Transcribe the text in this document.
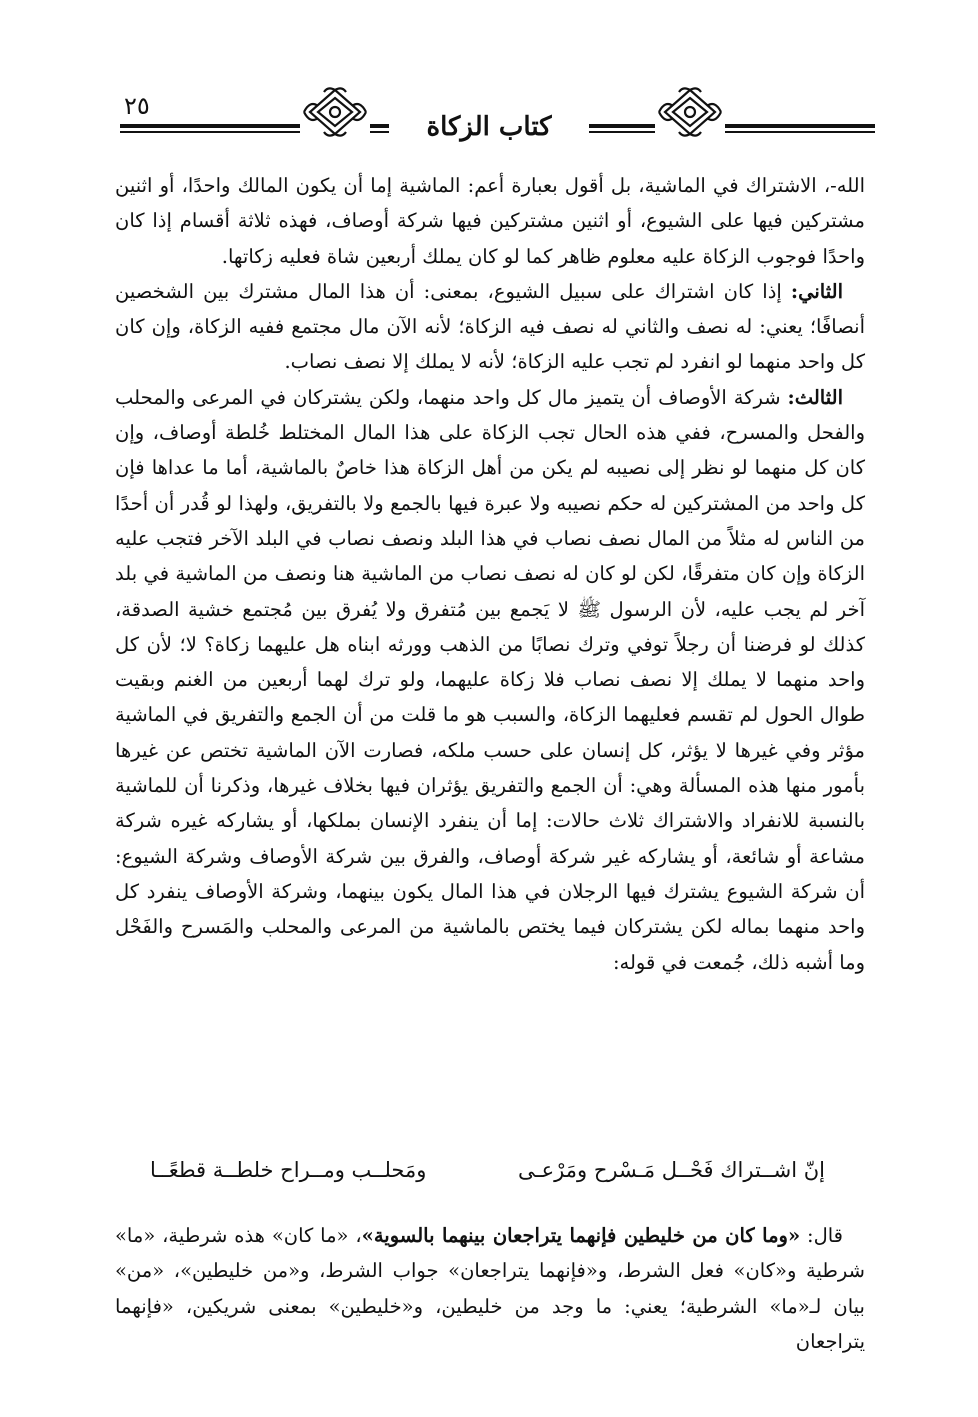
كتاب الزكاة
٢٥

الله-، الاشتراك في الماشية، بل أقول بعبارة أعم: الماشية إما أن يكون المالك واحدًا، أو اثنين مشتركين فيها على الشيوع، أو اثنين مشتركين فيها شركة أوصاف، فهذه ثلاثة أقسام إذا كان واحدًا فوجوب الزكاة عليه معلوم ظاهر كما لو كان يملك أربعين شاة فعليه زكاتها.

الثاني: إذا كان اشتراك على سبيل الشيوع، بمعنى: أن هذا المال مشترك بين الشخصين أنصافًا؛ يعني: له نصف والثاني له نصف فيه الزكاة؛ لأنه الآن مال مجتمع ففيه الزكاة، وإن كان كل واحد منهما لو انفرد لم تجب عليه الزكاة؛ لأنه لا يملك إلا نصف نصاب.

الثالث: شركة الأوصاف أن يتميز مال كل واحد منهما، ولكن يشتركان في المرعى والمحلب والفحل والمسرح، ففي هذه الحال تجب الزكاة على هذا المال المختلط خُلطة أوصاف، وإن كان كل منهما لو نظر إلى نصيبه لم يكن من أهل الزكاة هذا خاصٌ بالماشية، أما ما عداها فإن كل واحد من المشتركين له حكم نصيبه ولا عبرة فيها بالجمع ولا بالتفريق، ولهذا لو قُدر أن أحدًا من الناس له مثلاً من المال نصف نصاب في هذا البلد ونصف نصاب في البلد الآخر فتجب عليه الزكاة وإن كان متفرقًا، لكن لو كان له نصف نصاب من الماشية هنا ونصف من الماشية في بلد آخر لم يجب عليه، لأن الرسول ﷺ لا يَجمع بين مُتفرق ولا يُفرق بين مُجتمع خشية الصدقة، كذلك لو فرضنا أن رجلاً توفي وترك نصابًا من الذهب وورثه ابناه هل عليهما زكاة؟ لا؛ لأن كل واحد منهما لا يملك إلا نصف نصاب فلا زكاة عليهما، ولو ترك لهما أربعين من الغنم وبقيت طوال الحول لم تقسم فعليهما الزكاة، والسبب هو ما قلت من أن الجمع والتفريق في الماشية مؤثر وفي غيرها لا يؤثر، كل إنسان على حسب ملكه، فصارت الآن الماشية تختص عن غيرها بأمور منها هذه المسألة وهي: أن الجمع والتفريق يؤثران فيها بخلاف غيرها، وذكرنا أن للماشية بالنسبة للانفراد والاشتراك ثلاث حالات: إما أن ينفرد الإنسان بملكها، أو يشاركه غيره شركة مشاعة أو شائعة، أو يشاركه غير شركة أوصاف، والفرق بين شركة الأوصاف وشركة الشيوع: أن شركة الشيوع يشترك فيها الرجلان في هذا المال يكون بينهما، وشركة الأوصاف ينفرد كل واحد منهما بماله لكن يشتركان فيما يختص بالماشية من المرعى والمحلب والمَسرح والفَحْل وما أشبه ذلك، جُمعت في قوله:

إنّ اشــتراك فَحْــل مَـسْرح ومَرْعـى
ومَحلــب ومــراح خلطــة قطعًــا

قال: «وما كان من خليطين فإنهما يتراجعان بينهما بالسوية»، «ما كان» هذه شرطية، «ما» شرطية و«كان» فعل الشرط، و«فإنهما يتراجعان» جواب الشرط، و«من خليطين»، «من» بيان لـ«ما» الشرطية؛ يعني: ما وجد من خليطين، و«خليطين» بمعنى شريكين، «فإنهما يتراجعان
